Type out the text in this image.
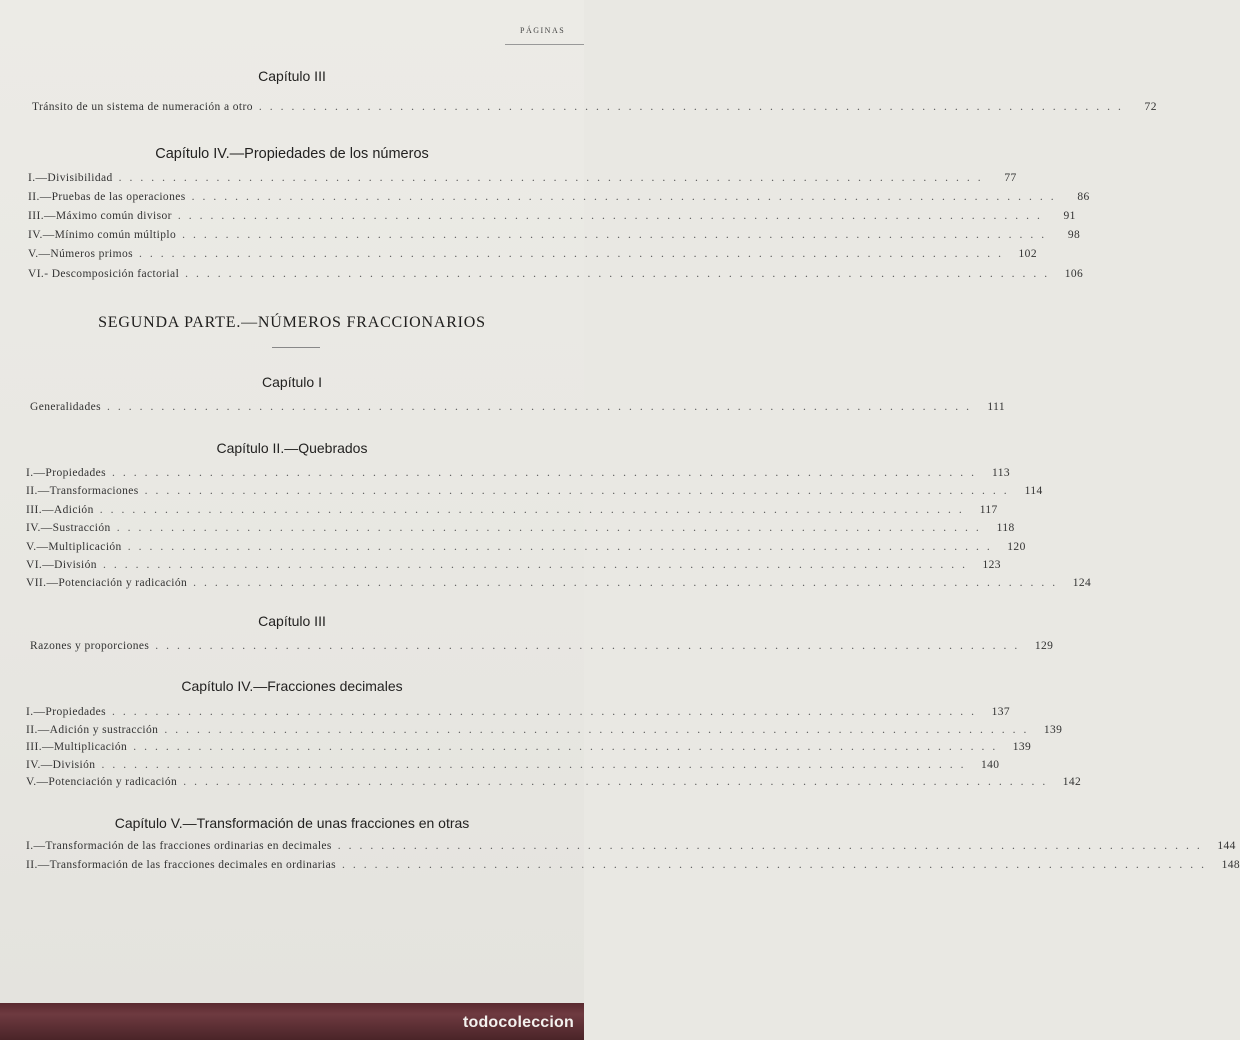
PÁGINAS
Capítulo III
Tránsito de un sistema de numeración a otro ................................................................................	72
Capítulo IV.—Propiedades de los números
I. —Divisibilidad ................................................................................	77
II. —Pruebas de las operaciones ................................................................................	86
III. —Máximo común divisor ................................................................................	91
IV. —Mínimo común múltiplo ................................................................................	98
V. —Números primos ................................................................................ 102
VI. - Descomposición factorial ................................................................................ 106
SEGUNDA PARTE.—NÚMEROS FRACCIONARIOS
Capítulo I
Generalidades ................................................................................ 111
Capítulo II.—Quebrados
I. —Propiedades ................................................................................ 113
II. —Transformaciones ................................................................................ 114
III. —Adición ................................................................................ 117
IV. —Sustracción ................................................................................ 118
V. —Multiplicación ................................................................................ 120
VI. —División ................................................................................ 123
VII. —Potenciación y radicación ................................................................................ 124
Capítulo III
Razones y proporciones ................................................................................ 129
Capítulo IV.—Fracciones decimales
I. —Propiedades ................................................................................ 137
II. —Adición y sustracción ................................................................................ 139
III. —Multiplicación ................................................................................ 139
IV. —División ................................................................................ 140
V. —Potenciación y radicación ................................................................................ 142
Capítulo V.—Transformación de unas fracciones en otras
I. —Transformación de las fracciones ordinarias en decimales ................................................................................ 144
II. —Transformación de las fracciones decimales en ordinarias ................................................................................ 148
todocoleccion
